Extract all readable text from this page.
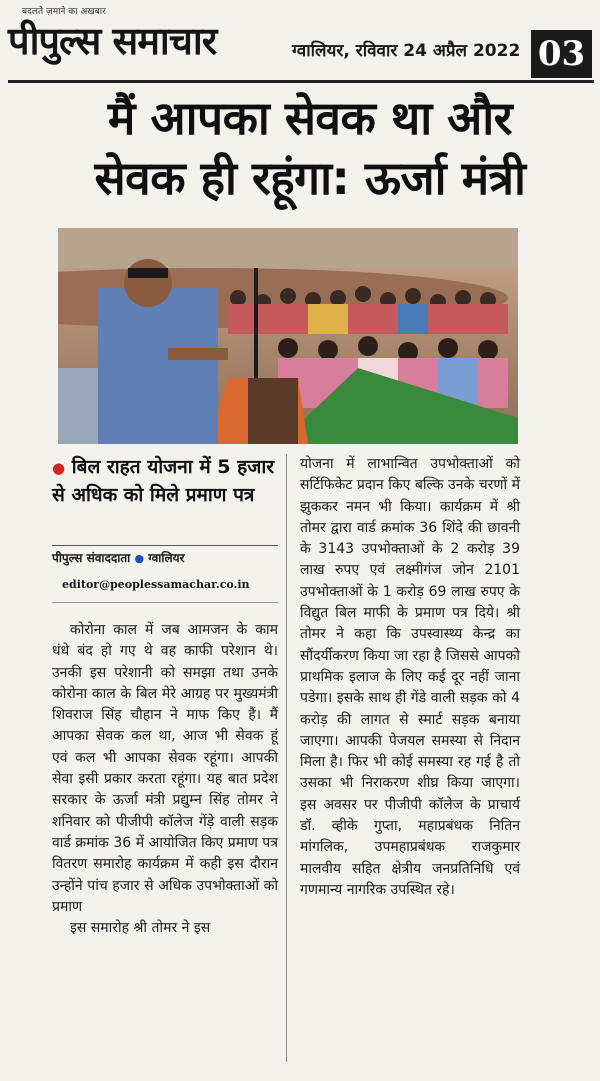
बदलते ज़माने का अखबार
पीपुल्स समाचार	ग्वालियर, रविवार 24 अप्रैल 2022 03
मैं आपका सेवक था और
सेवक ही रहूंगा: ऊर्जा मंत्री
● बिल राहत योजना में 5 हजार से अधिक को मिले प्रमाण पत्र
पीपुल्स संवाददाता ● ग्वालियर
editor@peoplessamachar.co.in

कोरोना काल में जब आमजन के काम धंधे बंद हो गए थे वह काफी परेशान थे। उनकी इस परेशानी को समझा तथा उनके कोरोना काल के बिल मेरे आग्रह पर मुख्यमंत्री शिवराज सिंह चौहान ने माफ किए हैं। मैं आपका सेवक कल था, आज भी सेवक हूं एवं कल भी आपका सेवक रहूंगा। आपकी सेवा इसी प्रकार करता रहूंगा। यह बात प्रदेश सरकार के ऊर्जा मंत्री प्रद्युम्न सिंह तोमर ने शनिवार को पीजीपी कॉलेज गेंड़े वाली सड़क वार्ड क्रमांक 36 में आयोजित किए प्रमाण पत्र वितरण समारोह कार्यक्रम में कही इस दौरान उन्होंने पांच हजार से अधिक उपभोक्ताओं को प्रमाण

इस समारोह श्री तोमर ने इस

योजना में लाभान्वित उपभोक्ताओं को सर्टिफिकेट प्रदान किए बल्कि उनके चरणों में झुककर नमन भी किया। कार्यक्रम में श्री तोमर द्वारा वार्ड क्रमांक 36 शिंदे की छावनी के 3143 उपभोक्ताओं के 2 करोड़ 39 लाख रुपए एवं लक्ष्मीगंज जोन 2101 उपभोक्ताओं के 1 करोड़ 69 लाख रुपए के विद्युत बिल माफी के प्रमाण पत्र दिये। श्री तोमर ने कहा कि उपस्वास्थ्य केन्द्र का सौंदर्यीकरण किया जा रहा है जिससे आपको प्राथमिक इलाज के लिए कई दूर नहीं जाना पडेगा। इसके साथ ही गेंडे वाली सड़क को 4 करोड़ की लागत से स्मार्ट सड़क बनाया जाएगा। आपकी पेजयल समस्या से निदान मिला है। फिर भी कोई समस्या रह गई है तो उसका भी निराकरण शीघ्र किया जाएगा। इस अवसर पर पीजीपी कॉलेज के प्राचार्य डॉ. व्हीके गुप्ता, महाप्रबंधक नितिन मांगलिक, उपमहाप्रबंधक राजकुमार मालवीय सहित क्षेत्रीय जनप्रतिनिधि एवं गणमान्य नागरिक उपस्थित रहे।
